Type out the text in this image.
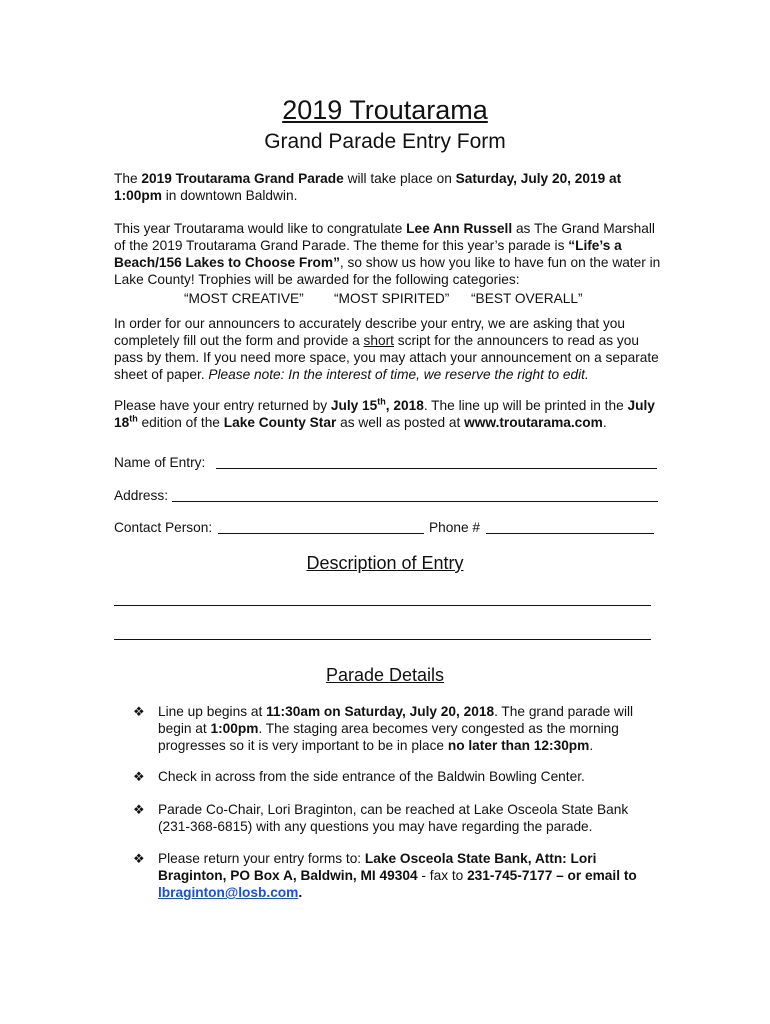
2019 Troutarama
Grand Parade Entry Form
The 2019 Troutarama Grand Parade will take place on Saturday, July 20, 2019 at 1:00pm in downtown Baldwin.
This year Troutarama would like to congratulate Lee Ann Russell as The Grand Marshall of the 2019 Troutarama Grand Parade. The theme for this year’s parade is “Life’s a Beach/156 Lakes to Choose From”, so show us how you like to have fun on the water in Lake County! Trophies will be awarded for the following categories:
“MOST CREATIVE” “MOST SPIRITED” “BEST OVERALL”
In order for our announcers to accurately describe your entry, we are asking that you completely fill out the form and provide a short script for the announcers to read as you pass by them. If you need more space, you may attach your announcement on a separate sheet of paper. Please note: In the interest of time, we reserve the right to edit.
Please have your entry returned by July 15th, 2018. The line up will be printed in the July 18th edition of the Lake County Star as well as posted at www.troutarama.com.
Name of Entry:
Address:
Contact Person:	Phone #
Description of Entry
Parade Details
❖ Line up begins at 11:30am on Saturday, July 20, 2018. The grand parade will begin at 1:00pm. The staging area becomes very congested as the morning progresses so it is very important to be in place no later than 12:30pm.
❖ Check in across from the side entrance of the Baldwin Bowling Center.
❖ Parade Co-Chair, Lori Braginton, can be reached at Lake Osceola State Bank (231-368-6815) with any questions you may have regarding the parade.
❖ Please return your entry forms to: Lake Osceola State Bank, Attn: Lori Braginton, PO Box A, Baldwin, MI 49304 - fax to 231-745-7177 – or email to lbraginton@losb.com.
